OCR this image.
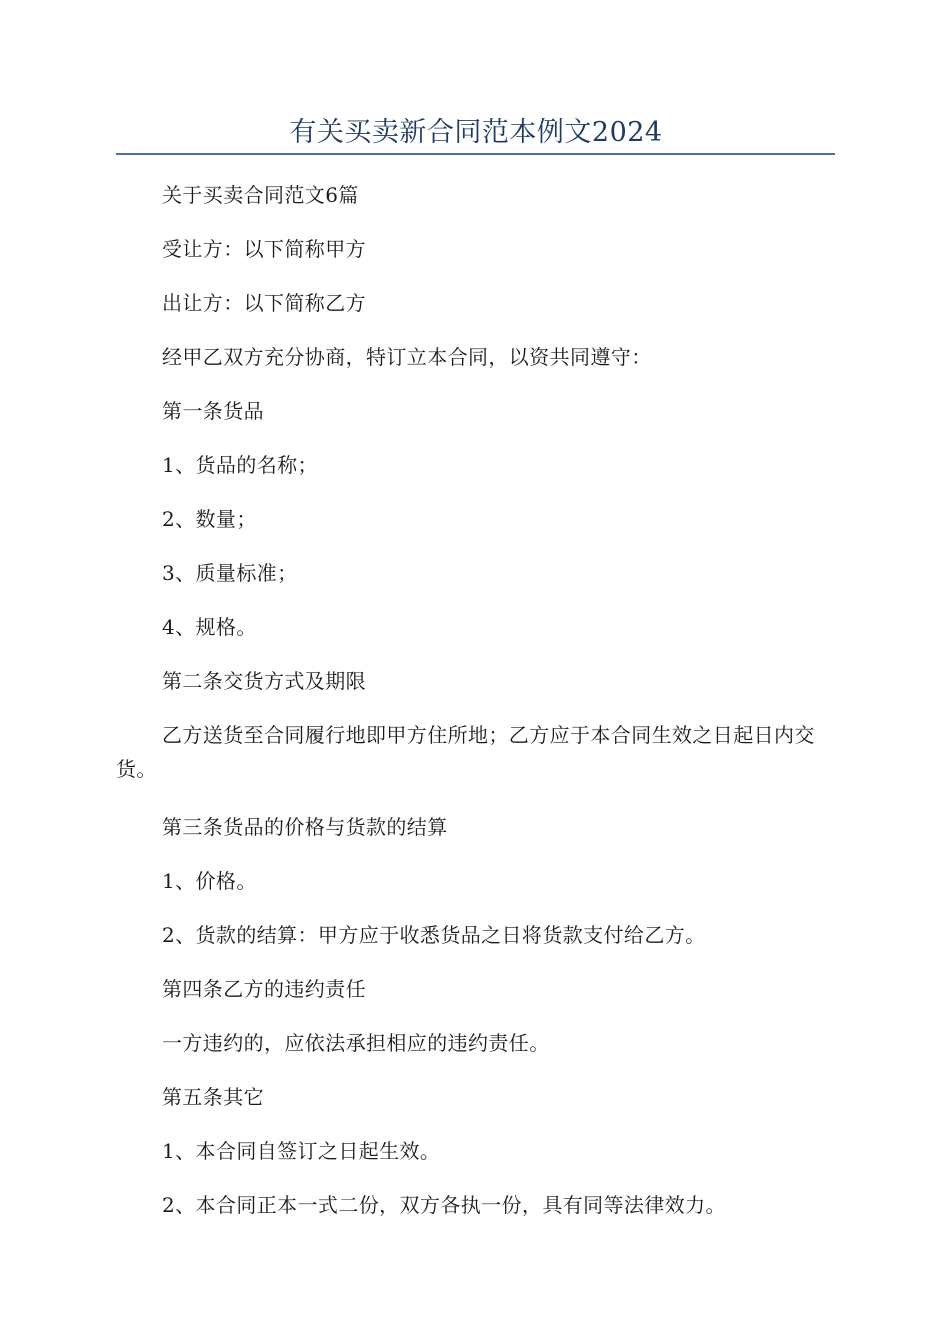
有关买卖新合同范本例文2024

关于买卖合同范文6篇

受让方：以下简称甲方

出让方：以下简称乙方

经甲乙双方充分协商，特订立本合同，以资共同遵守：

第一条货品

1、货品的名称；

2、数量；

3、质量标准；

4、规格。

第二条交货方式及期限

乙方送货至合同履行地即甲方住所地；乙方应于本合同生效之日起日内交货。

第三条货品的价格与货款的结算

1、价格。

2、货款的结算：甲方应于收悉货品之日将货款支付给乙方。

第四条乙方的违约责任

一方违约的，应依法承担相应的违约责任。

第五条其它

1、本合同自签订之日起生效。

2、本合同正本一式二份，双方各执一份，具有同等法律效力。
